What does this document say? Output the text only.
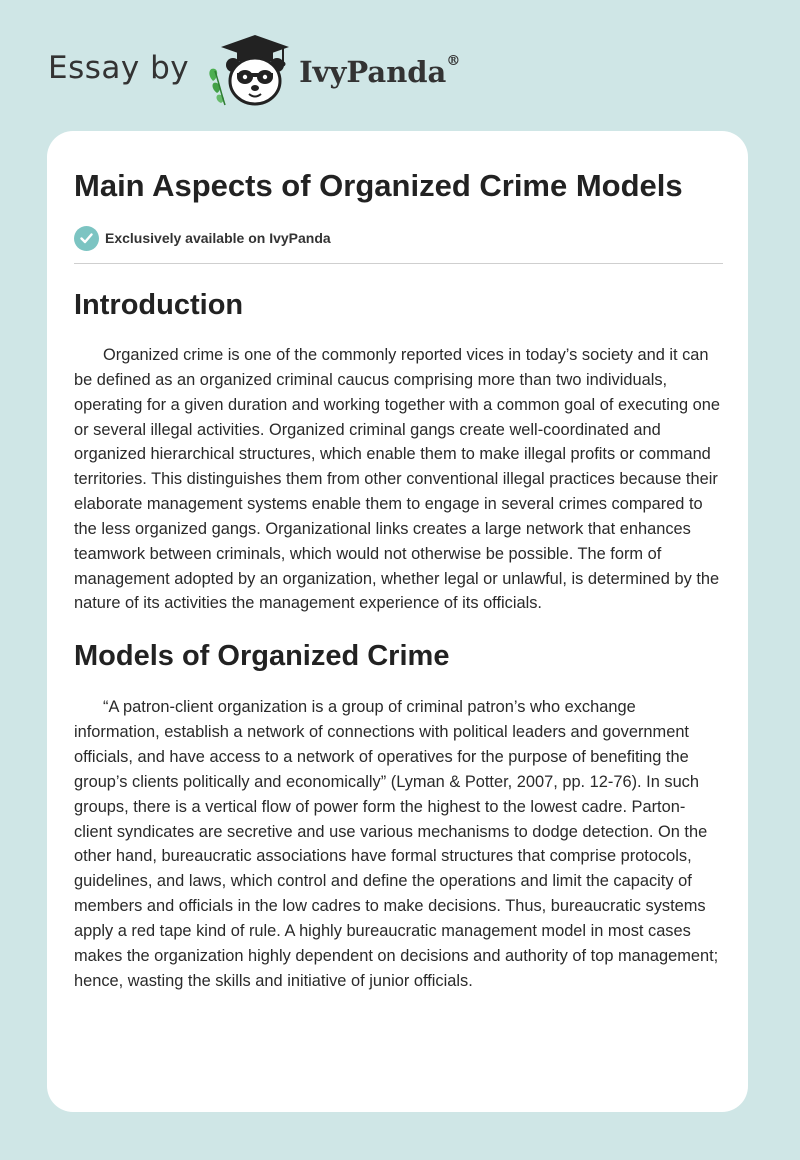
Essay by	IvyPanda®
Main Aspects of Organized Crime Models
Exclusively available on IvyPanda
Introduction

Organized crime is one of the commonly reported vices in today’s society and it can be defined as an organized criminal caucus comprising more than two individuals, operating for a given duration and working together with a common goal of executing one or several illegal activities. Organized criminal gangs create well-coordinated and organized hierarchical structures, which enable them to make illegal profits or command territories. This distinguishes them from other conventional illegal practices because their elaborate management systems enable them to engage in several crimes compared to the less organized gangs. Organizational links creates a large network that enhances teamwork between criminals, which would not otherwise be possible. The form of management adopted by an organization, whether legal or unlawful, is determined by the nature of its activities the management experience of its officials.

Models of Organized Crime

“A patron-client organization is a group of criminal patron’s who exchange information, establish a network of connections with political leaders and government officials, and have access to a network of operatives for the purpose of benefiting the group’s clients politically and economically” (Lyman & Potter, 2007, pp. 12-76). In such groups, there is a vertical flow of power form the highest to the lowest cadre. Parton-client syndicates are secretive and use various mechanisms to dodge detection. On the other hand, bureaucratic associations have formal structures that comprise protocols, guidelines, and laws, which control and define the operations and limit the capacity of members and officials in the low cadres to make decisions. Thus, bureaucratic systems apply a red tape kind of rule. A highly bureaucratic management model in most cases makes the organization highly dependent on decisions and authority of top management; hence, wasting the skills and initiative of junior officials.
